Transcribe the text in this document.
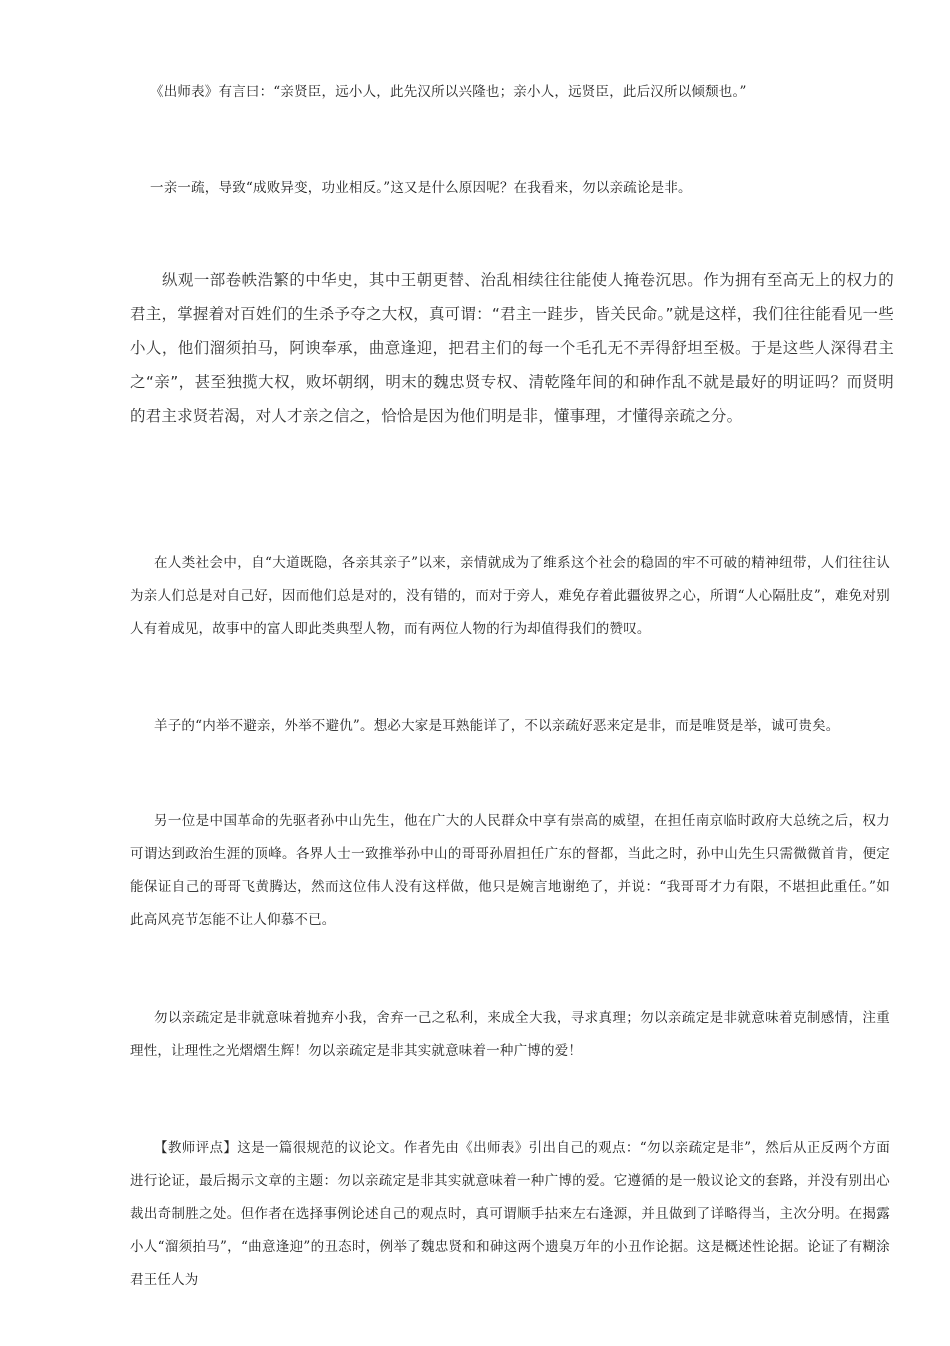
《出师表》有言曰：“亲贤臣，远小人，此先汉所以兴隆也；亲小人，远贤臣，此后汉所以倾颓也。”

一亲一疏，导致“成败异变，功业相反。”这又是什么原因呢？在我看来，勿以亲疏论是非。

纵观一部卷帙浩繁的中华史，其中王朝更替、治乱相续往往能使人掩卷沉思。作为拥有至高无上的权力的君主，掌握着对百姓们的生杀予夺之大权，真可谓：“君主一跬步，皆关民命。”就是这样，我们往往能看见一些小人，他们溜须拍马，阿谀奉承，曲意逢迎，把君主们的每一个毛孔无不弄得舒坦至极。于是这些人深得君主之“亲”，甚至独揽大权，败坏朝纲，明末的魏忠贤专权、清乾隆年间的和砷作乱不就是最好的明证吗？而贤明的君主求贤若渴，对人才亲之信之，恰恰是因为他们明是非，懂事理，才懂得亲疏之分。

在人类社会中，自“大道既隐，各亲其亲子”以来，亲情就成为了维系这个社会的稳固的牢不可破的精神纽带，人们往往认为亲人们总是对自己好，因而他们总是对的，没有错的，而对于旁人，难免存着此疆彼界之心，所谓“人心隔肚皮”，难免对别人有着成见，故事中的富人即此类典型人物，而有两位人物的行为却值得我们的赞叹。

羊子的“内举不避亲，外举不避仇”。想必大家是耳熟能详了，不以亲疏好恶来定是非，而是唯贤是举，诚可贵矣。

另一位是中国革命的先驱者孙中山先生，他在广大的人民群众中享有崇高的威望，在担任南京临时政府大总统之后，权力可谓达到政治生涯的顶峰。各界人士一致推举孙中山的哥哥孙眉担任广东的督都，当此之时，孙中山先生只需微微首肯，便定能保证自己的哥哥飞黄腾达，然而这位伟人没有这样做，他只是婉言地谢绝了，并说：“我哥哥才力有限，不堪担此重任。”如此高风亮节怎能不让人仰慕不已。

勿以亲疏定是非就意味着抛弃小我，舍弃一己之私利，来成全大我，寻求真理；勿以亲疏定是非就意味着克制感情，注重理性，让理性之光熠熠生辉！勿以亲疏定是非其实就意味着一种广博的爱！

【教师评点】这是一篇很规范的议论文。作者先由《出师表》引出自己的观点：“勿以亲疏定是非”，然后从正反两个方面进行论证，最后揭示文章的主题：勿以亲疏定是非其实就意味着一种广博的爱。它遵循的是一般议论文的套路，并没有别出心裁出奇制胜之处。但作者在选择事例论述自己的观点时，真可谓顺手拈来左右逢源，并且做到了详略得当，主次分明。在揭露小人“溜须拍马”，“曲意逢迎”的丑态时，例举了魏忠贤和和砷这两个遗臭万年的小丑作论据。这是概述性论据。论证了有糊涂君王任人为
